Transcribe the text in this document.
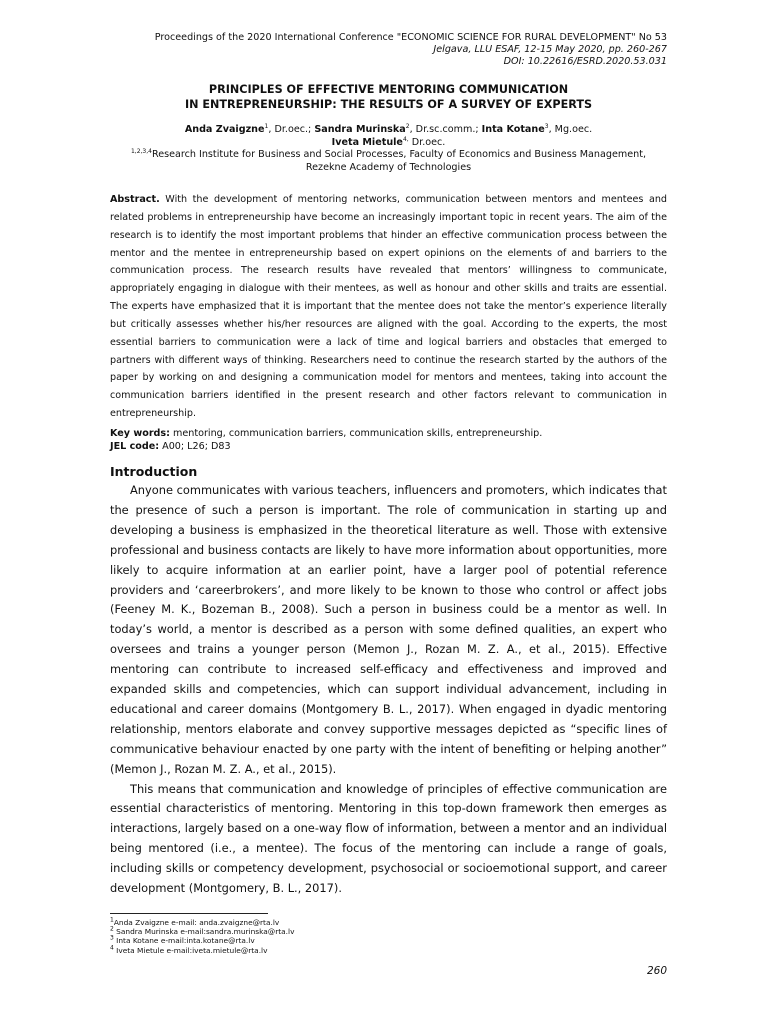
Proceedings of the 2020 International Conference "ECONOMIC SCIENCE FOR RURAL DEVELOPMENT" No 53
Jelgava, LLU ESAF, 12-15 May 2020, pp. 260-267
DOI: 10.22616/ESRD.2020.53.031
PRINCIPLES OF EFFECTIVE MENTORING COMMUNICATION
IN ENTREPRENEURSHIP: THE RESULTS OF A SURVEY OF EXPERTS
Anda Zvaigzne$^1$, Dr.oec.; Sandra Murinska$^2$, Dr.sc.comm.; Inta Kotane$^3$, Mg.oec.
Iveta Mietule$^{4,}$ Dr.oec.
$^{1,2,3,4}$Research Institute for Business and Social Processes, Faculty of Economics and Business Management,
Rezekne Academy of Technologies
Abstract. With the development of mentoring networks, communication between mentors and mentees and related problems in entrepreneurship have become an increasingly important topic in recent years. The aim of the research is to identify the most important problems that hinder an effective communication process between the mentor and the mentee in entrepreneurship based on expert opinions on the elements of and barriers to the communication process. The research results have revealed that mentors’ willingness to communicate, appropriately engaging in dialogue with their mentees, as well as honour and other skills and traits are essential. The experts have emphasized that it is important that the mentee does not take the mentor’s experience literally but critically assesses whether his/her resources are aligned with the goal. According to the experts, the most essential barriers to communication were a lack of time and logical barriers and obstacles that emerged to partners with different ways of thinking. Researchers need to continue the research started by the authors of the paper by working on and designing a communication model for mentors and mentees, taking into account the communication barriers identified in the present research and other factors relevant to communication in entrepreneurship.
Key words: mentoring, communication barriers, communication skills, entrepreneurship.
JEL code: A00; L26; D83
Introduction

Anyone communicates with various teachers, influencers and promoters, which indicates that the presence of such a person is important. The role of communication in starting up and developing a business is emphasized in the theoretical literature as well. Those with extensive professional and business contacts are likely to have more information about opportunities, more likely to acquire information at an earlier point, have a larger pool of potential reference providers and ‘careerbrokers’, and more likely to be known to those who control or affect jobs (Feeney M. K., Bozeman B., 2008). Such a person in business could be a mentor as well. In today’s world, a mentor is described as a person with some defined qualities, an expert who oversees and trains a younger person (Memon J., Rozan M. Z. A., et al., 2015). Effective mentoring can contribute to increased self-efficacy and effectiveness and improved and expanded skills and competencies, which can support individual advancement, including in educational and career domains (Montgomery B. L., 2017). When engaged in dyadic mentoring relationship, mentors elaborate and convey supportive messages depicted as “specific lines of communicative behaviour enacted by one party with the intent of benefiting or helping another” (Memon J., Rozan M. Z. A., et al., 2015).

This means that communication and knowledge of principles of effective communication are essential characteristics of mentoring. Mentoring in this top-down framework then emerges as interactions, largely based on a one-way flow of information, between a mentor and an individual being mentored (i.e., a mentee). The focus of the mentoring can include a range of goals, including skills or competency development, psychosocial or socioemotional support, and career development (Montgomery, B. L., 2017).

$^1$Anda Zvaigzne e-mail: anda.zvaigzne@rta.lv
$^2$ Sandra Murinska e-mail:sandra.murinska@rta.lv
$^3$ Inta Kotane e-mail:inta.kotane@rta.lv
$^4$ Iveta Mietule e-mail:iveta.mietule@rta.lv
260
